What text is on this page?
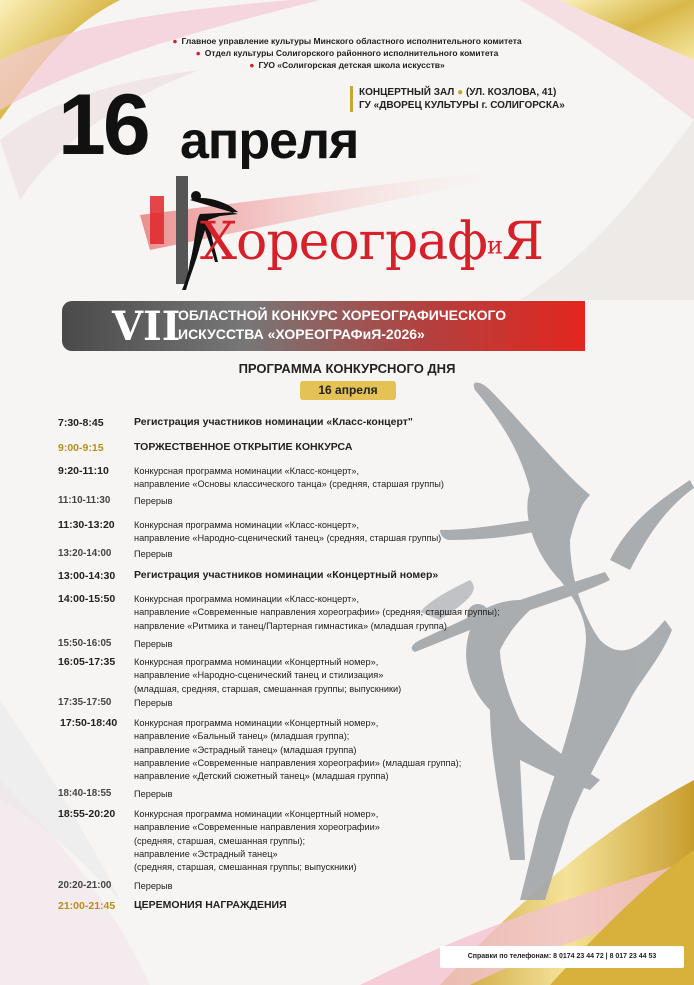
● Главное управление культуры Минского областного исполнительного комитета
● Отдел культуры Солигорского районного исполнительного комитета
● ГУО «Солигорская детская школа искусств»
16 апреля
КОНЦЕРТНЫЙ ЗАЛ ● (УЛ. КОЗЛОВА, 41)
ГУ «ДВОРЕЦ КУЛЬТУРЫ г. СОЛИГОРСКА»
ХореографиЯ
VII
ОБЛАСТНОЙ КОНКУРС ХОРЕОГРАФИЧЕСКОГО
ИСКУССТВА «ХОРЕОГРАФиЯ-2026»
ПРОГРАММА КОНКУРСНОГО ДНЯ
16 апреля
7:30-8:45	Регистрация участников номинации «Класс-концерт"
9:00-9:15	ТОРЖЕСТВЕННОЕ ОТКРЫТИЕ КОНКУРСА
9:20-11:10	Конкурсная программа номинации «Класс-концерт»,
направление «Основы классического танца» (средняя, старшая группы)
11:10-11:30	Перерыв
11:30-13:20 Конкурсная программа номинации «Класс-концерт»,
направление «Народно-сценический танец» (средняя, старшая группы)
13:20-14:00 Перерыв
13:00-14:30 Регистрация участников номинации «Концертный номер»
14:00-15:50 Конкурсная программа номинации «Класс-концерт»,
направление «Современные направления хореографии» (средняя, старшая группы);
напрвление «Ритмика и танец/Партерная гимнастика» (младшая группа)
15:50-16:05 Перерыв
16:05-17:35 Конкурсная программа номинации «Концертный номер»,
направление «Народно-сценический танец и стилизация»
(младшая, средняя, старшая, смешанная группы; выпускники)
17:35-17:50 Перерыв
17:50-18:40 Конкурсная программа номинации «Концертный номер»,
направление «Бальный танец» (младшая группа);
направление «Эстрадный танец» (младшая группа)
направление «Современные направления хореографии» (младшая группа);
направление «Детский сюжетный танец» (младшая группа)
18:40-18:55 Перерыв
18:55-20:20 Конкурсная программа номинации «Концертный номер»,
направление «Современные направления хореографии»
(средняя, старшая, смешанная группы);
направление «Эстрадный танец»
(средняя, старшая, смешанная группы; выпускники)
20:20-21:00 Перерыв
21:00-21:45 ЦЕРЕМОНИЯ НАГРАЖДЕНИЯ
Справки по телефонам: 8 0174 23 44 72 | 8 017 23 44 53
